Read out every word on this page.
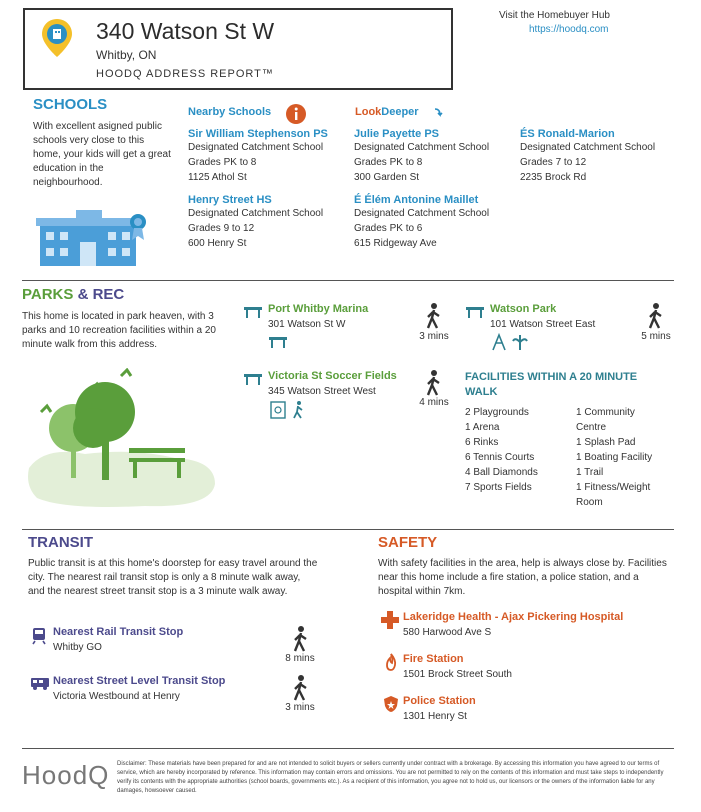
340 Watson St W
Whitby, ON
HOODQ ADDRESS REPORT™
Visit the Homebuyer Hub
https://hoodq.com
SCHOOLS
With excellent asigned public schools very close to this home, your kids will get a great education in the neighbourhood.
Nearby Schools	LookDeeper
Sir William Stephenson PS
Designated Catchment School
Grades PK to 8
1125 Athol St
Julie Payette PS
Designated Catchment School
Grades PK to 8
300 Garden St
ÉS Ronald-Marion
Designated Catchment School
Grades 7 to 12
2235 Brock Rd
Henry Street HS
Designated Catchment School
Grades 9 to 12
600 Henry St
É Élém Antonine Maillet
Designated Catchment School
Grades PK to 6
615 Ridgeway Ave
PARKS & REC
This home is located in park heaven, with 3 parks and 10 recreation facilities within a 20 minute walk from this address.
Port Whitby Marina
301 Watson St W
3 mins
Watson Park
101 Watson Street East
5 mins
Victoria St Soccer Fields
345 Watson Street West
4 mins
FACILITIES WITHIN A 20 MINUTE
WALK
2 Playgrounds
1 Arena
6 Rinks
6 Tennis Courts
4 Ball Diamonds
7 Sports Fields
1 Community
Centre
1 Splash Pad
1 Boating Facility
1 Trail
1 Fitness/Weight
Room
TRANSIT
Public transit is at this home's doorstep for easy travel around the city. The nearest rail transit stop is only a 8 minute walk away, and the nearest street transit stop is a 3 minute walk away.
Nearest Rail Transit Stop
Whitby GO
8 mins
Nearest Street Level Transit Stop
Victoria Westbound at Henry
3 mins
SAFETY
With safety facilities in the area, help is always close by. Facilities near this home include a fire station, a police station, and a hospital within 7km.
Lakeridge Health - Ajax Pickering Hospital
580 Harwood Ave S
Fire Station
1501 Brock Street South
Police Station
1301 Henry St
HoodQ Disclaimer: These materials have been prepared for and are not intended to solicit buyers or sellers currently under contract with a brokerage. By accessing this information you have agreed to our terms of service, which are hereby incorporated by reference. This information may contain errors and omissions. You are not permitted to rely on the contents of this information and must take steps to independently verify its contents with the appropriate authorities (school boards, governments etc.). As a recipient of this information, you agree not to hold us, our licensors or the owners of the information liable for any damages, howsoever caused.
